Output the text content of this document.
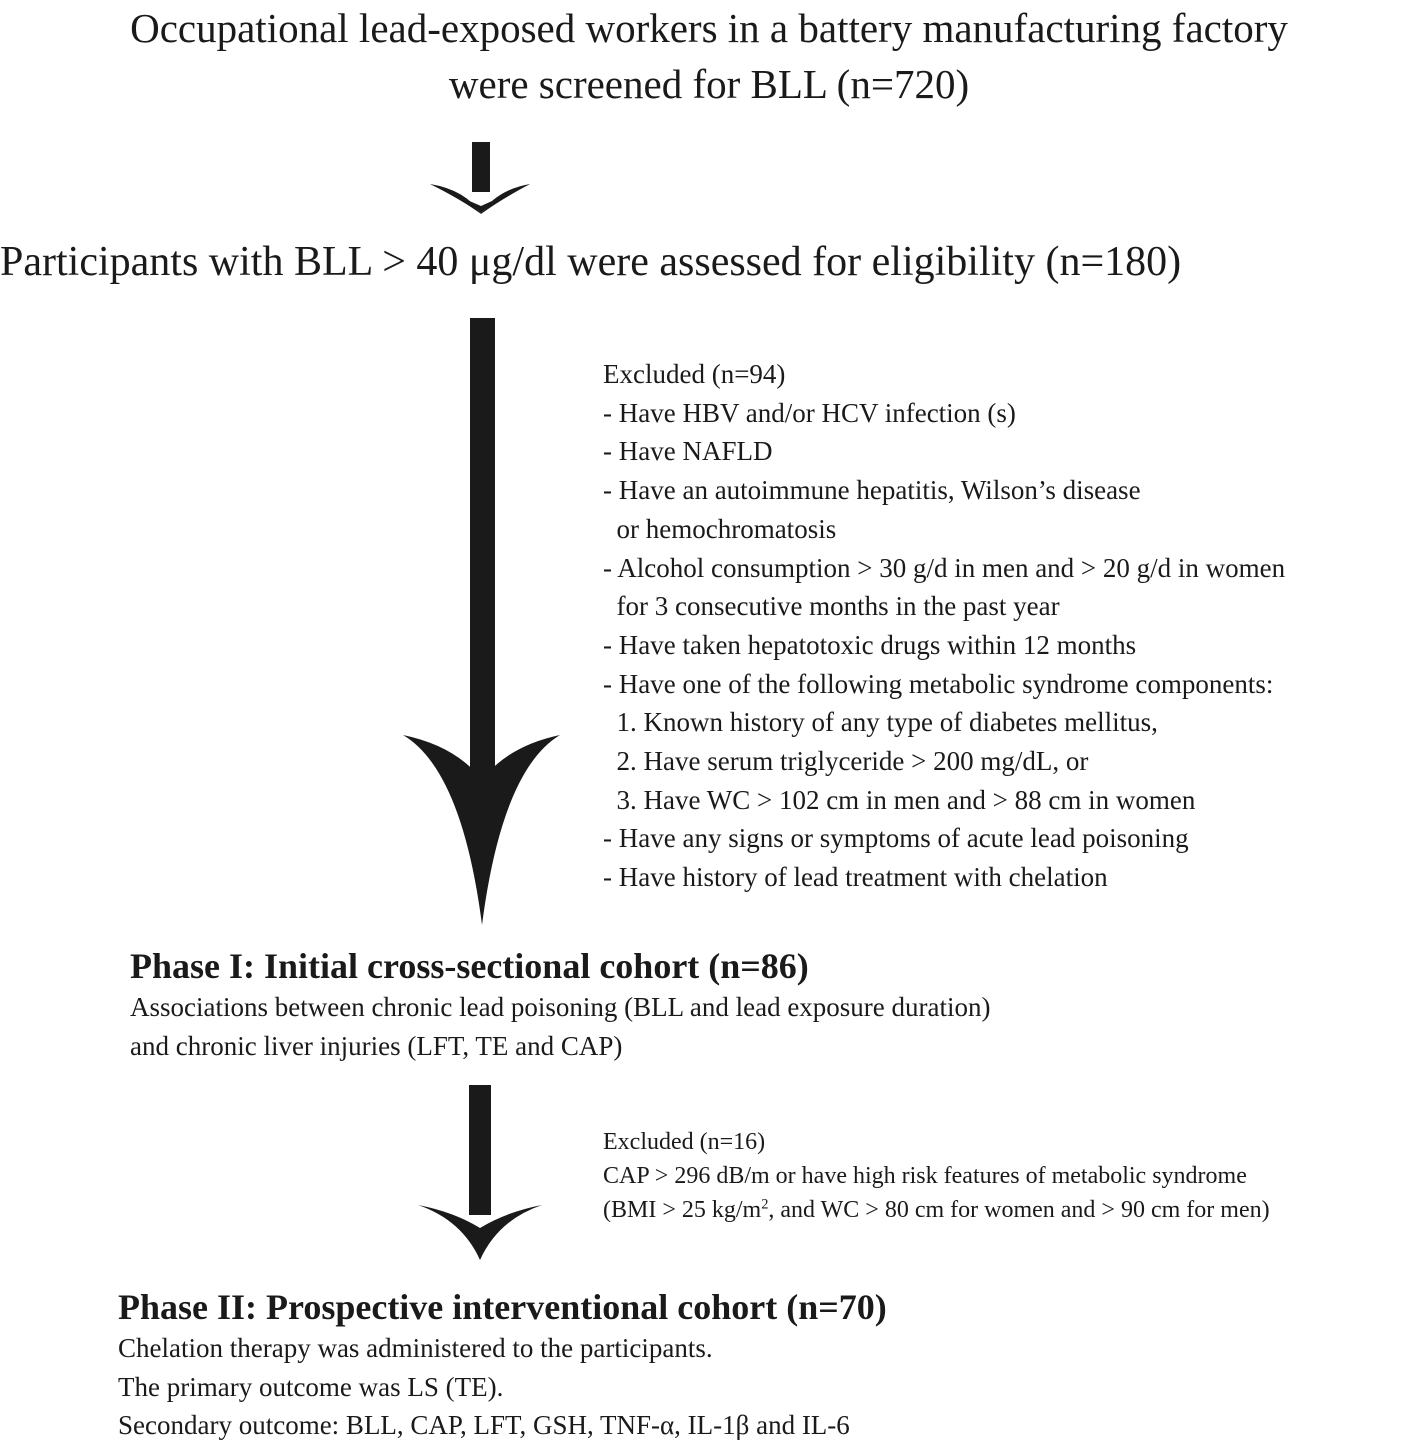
Occupational lead-exposed workers in a battery manufacturing factory
were screened for BLL (n=720)
Participants with BLL > 40 μg/dl were assessed for eligibility (n=180)
Excluded (n=94)
- Have HBV and/or HCV infection (s)
- Have NAFLD
- Have an autoimmune hepatitis, Wilson’s disease
or hemochromatosis
- Alcohol consumption > 30 g/d in men and > 20 g/d in women
for 3 consecutive months in the past year
- Have taken hepatotoxic drugs within 12 months
- Have one of the following metabolic syndrome components:
1. Known history of any type of diabetes mellitus,
2. Have serum triglyceride > 200 mg/dL, or
3. Have WC > 102 cm in men and > 88 cm in women
- Have any signs or symptoms of acute lead poisoning
- Have history of lead treatment with chelation
Phase I: Initial cross-sectional cohort (n=86)
Associations between chronic lead poisoning (BLL and lead exposure duration)
and chronic liver injuries (LFT, TE and CAP)
Excluded (n=16)
CAP > 296 dB/m or have high risk features of metabolic syndrome
(BMI > 25 $kg/m^2$, and WC > 80 cm for women and > 90 cm for men)
Phase II: Prospective interventional cohort (n=70)
Chelation therapy was administered to the participants.
The primary outcome was LS (TE).
Secondary outcome: BLL, CAP, LFT, GSH, TNF-α, IL-1β and IL-6
